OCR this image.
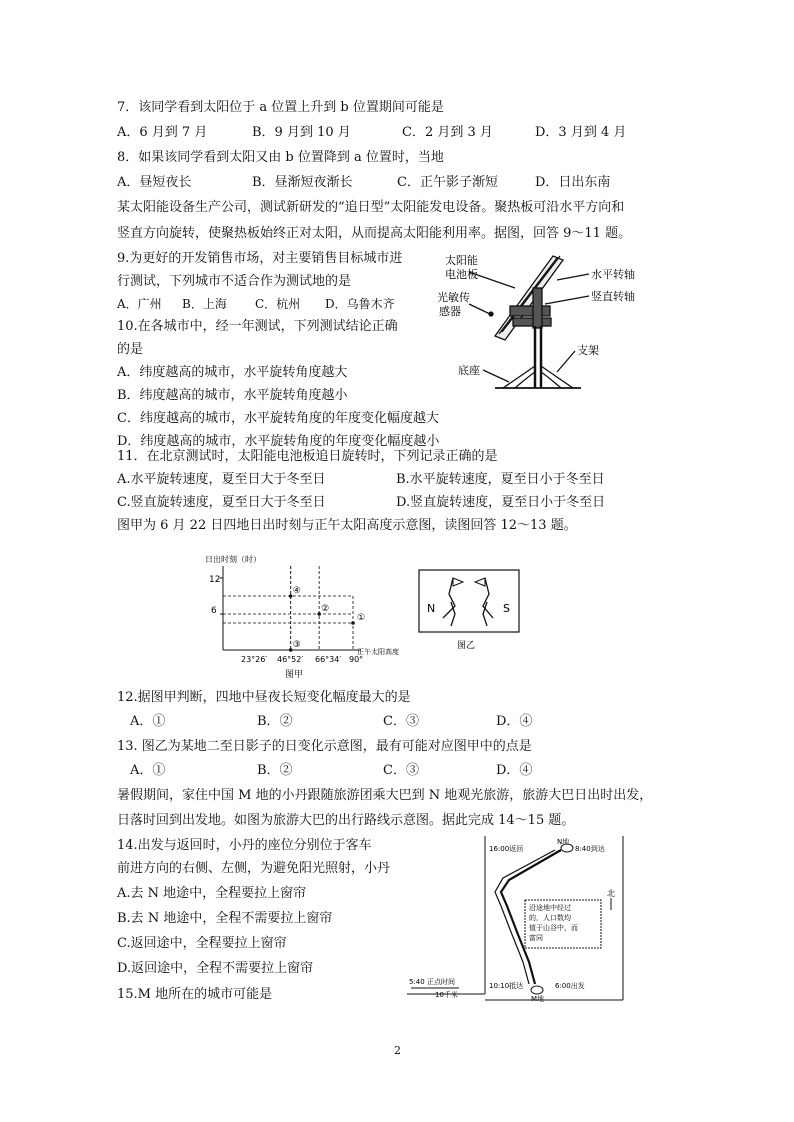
7．该同学看到太阳位于 a 位置上升到 b 位置期间可能是
A．6 月到 7 月	B．9 月到 10 月	C．2 月到 3 月	D．3 月到 4 月
8．如果该同学看到太阳又由 b 位置降到 a 位置时，当地
A．昼短夜长	B．昼渐短夜渐长	C．正午影子渐短	D．日出东南
某太阳能设备生产公司，测试新研发的“追日型”太阳能发电设备。聚热板可沿水平方向和
竖直方向旋转，使聚热板始终正对太阳，从而提高太阳能利用率。据图，回答 9～11 题。
9.为更好的开发销售市场，对主要销售目标城市进
行测试，下列城市不适合作为测试地的是
A．广州 B．上海 C．杭州 D．乌鲁木齐
10.在各城市中，经一年测试，下列测试结论正确
的是
A．纬度越高的城市，水平旋转角度越大
B．纬度越高的城市，水平旋转角度越小
C．纬度越高的城市，水平旋转角度的年度变化幅度越大
D．纬度越高的城市，水平旋转角度的年度变化幅度越小
太阳能
电池板
光敏传
感器
水平转轴
竖直转轴
支架
底座
11．在北京测试时，太阳能电池板追日旋转时，下列记录正确的是
A.水平旋转速度，夏至日大于冬至日	B.水平旋转速度，夏至日小于冬至日
C.竖直旋转速度，夏至日大于冬至日	D.竖直旋转速度，夏至日小于冬至日
图甲为 6 月 22 日四地日出时刻与正午太阳高度示意图，读图回答 12～13 题。
①
②
③
④
日出时刻（时）
12
6
23°26′ 46°52′ 66°34′ 90°
正午太阳高度
图甲
N	S
图乙
12.据图甲判断，四地中昼夜长短变化幅度最大的是
A．①	B．②	C．③	D．④
13. 图乙为某地二至日影子的日变化示意图，最有可能对应图甲中的点是
A．①	B．②	C．③	D．④
暑假期间，家住中国 M 地的小丹跟随旅游团乘大巴到 N 地观光旅游，旅游大巴日出时出发，
日落时回到出发地。如图为旅游大巴的出行路线示意图。据此完成 14～15 题。
14.出发与返回时，小丹的座位分别位于客车
前进方向的右侧、左侧，为避免阳光照射，小丹
A.去 N 地途中，全程要拉上窗帘
B.去 N 地途中，全程不需要拉上窗帘
C.返回途中，全程要拉上窗帘
D.返回途中，全程不需要拉上窗帘
15.M 地所在的城市可能是
16:00返回
N地
8:40到达
北
沿途地中经过
的，人口数均
值于山谷中，而
富同
5:40 正点时间
10千米
10:10抵达
M地
6:00出发
2
